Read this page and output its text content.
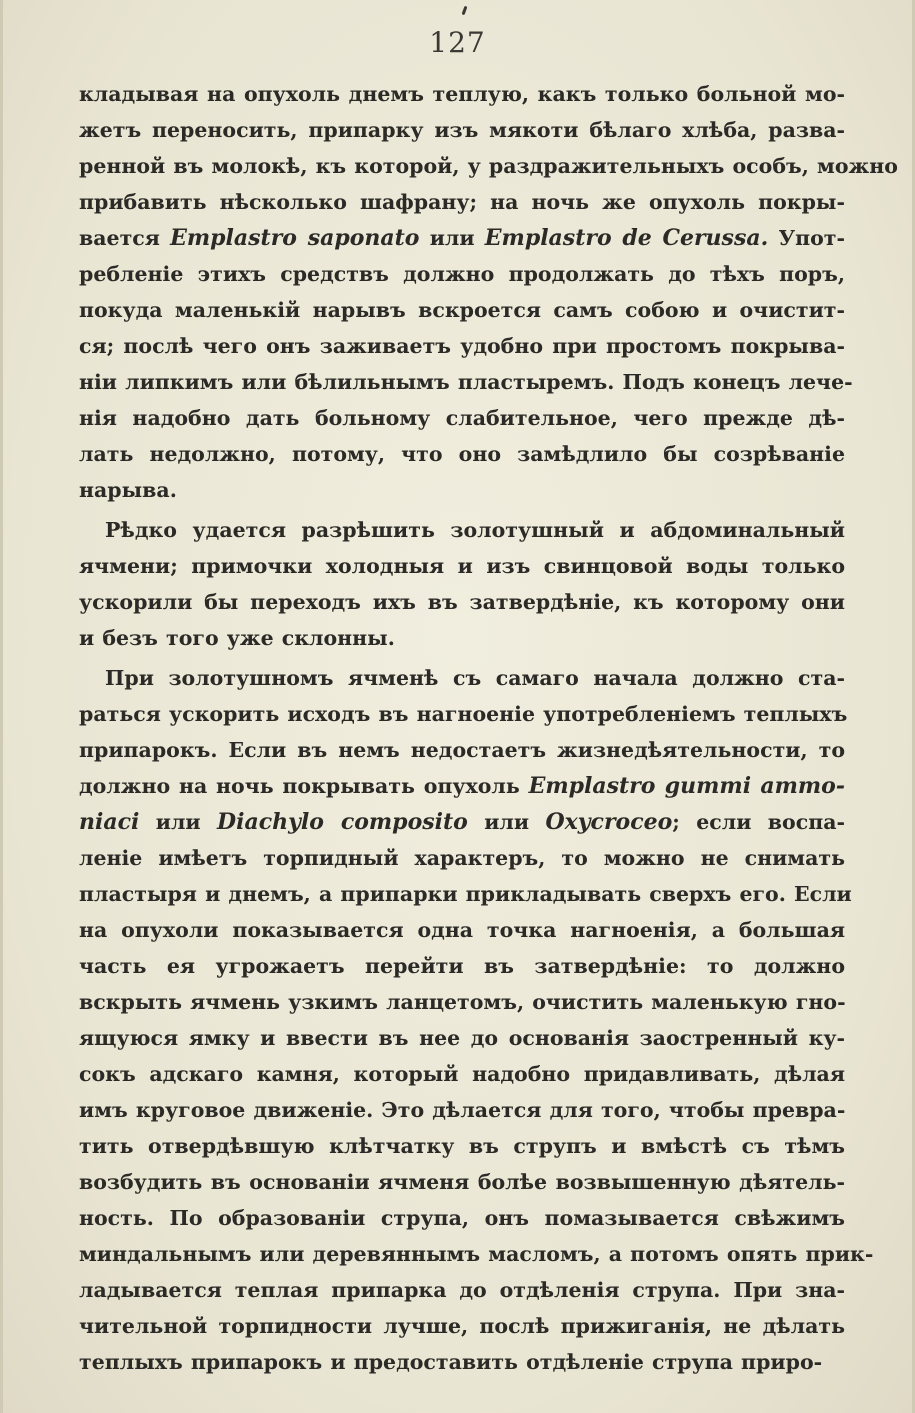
127
кладывая на опухоль днемъ теплую, какъ только больной мо-
жетъ переносить, припарку изъ мякоти бѣлаго хлѣба, разва-
ренной въ молокѣ, къ которой, у раздражительныхъ особъ, можно
прибавить нѣсколько шафрану; на ночь же опухоль покры-
вается Emplastro saponato или Emplastro de Cerussa. Упот-
ребленіе этихъ средствъ должно продолжать до тѣхъ поръ,
покуда маленькій нарывъ вскроется самъ собою и очистит-
ся; послѣ чего онъ заживаетъ удобно при простомъ покрыва-
ніи липкимъ или бѣлильнымъ пластыремъ. Подъ конецъ лече-
нія надобно дать больному слабительное, чего прежде дѣ-
лать недолжно, потому, что оно замѣдлило бы созрѣваніе
нарыва.
Рѣдко удается разрѣшить золотушный и абдоминальный
ячмени; примочки холодныя и изъ свинцовой воды только
ускорили бы переходъ ихъ въ затвердѣніе, къ которому они
и безъ того уже склонны.
При золотушномъ ячменѣ съ самаго начала должно ста-
раться ускорить исходъ въ нагноеніе употребленіемъ теплыхъ
припарокъ. Если въ немъ недостаетъ жизнедѣятельности, то
должно на ночь покрывать опухоль Emplastro gummi ammo-
niaci или Diachylo composito или Oxycroceo; если воспа-
леніе имѣетъ торпидный характеръ, то можно не снимать
пластыря и днемъ, а припарки прикладывать сверхъ его. Если
на опухоли показывается одна точка нагноенія, а большая
часть ея угрожаетъ перейти въ затвердѣніе: то должно
вскрыть ячмень узкимъ ланцетомъ, очистить маленькую гно-
ящуюся ямку и ввести въ нее до основанія заостренный ку-
сокъ адскаго камня, который надобно придавливать, дѣлая
имъ круговое движеніе. Это дѣлается для того, чтобы превра-
тить отвердѣвшую клѣтчатку въ струпъ и вмѣстѣ съ тѣмъ
возбудить въ основаніи ячменя болѣе возвышенную дѣятель-
ность. По образованіи струпа, онъ помазывается свѣжимъ
миндальнымъ или деревяннымъ масломъ, а потомъ опять прик-
ладывается теплая припарка до отдѣленія струпа. При зна-
чительной торпидности лучше, послѣ прижиганія, не дѣлать
теплыхъ припарокъ и предоставить отдѣленіе струпа приро-
